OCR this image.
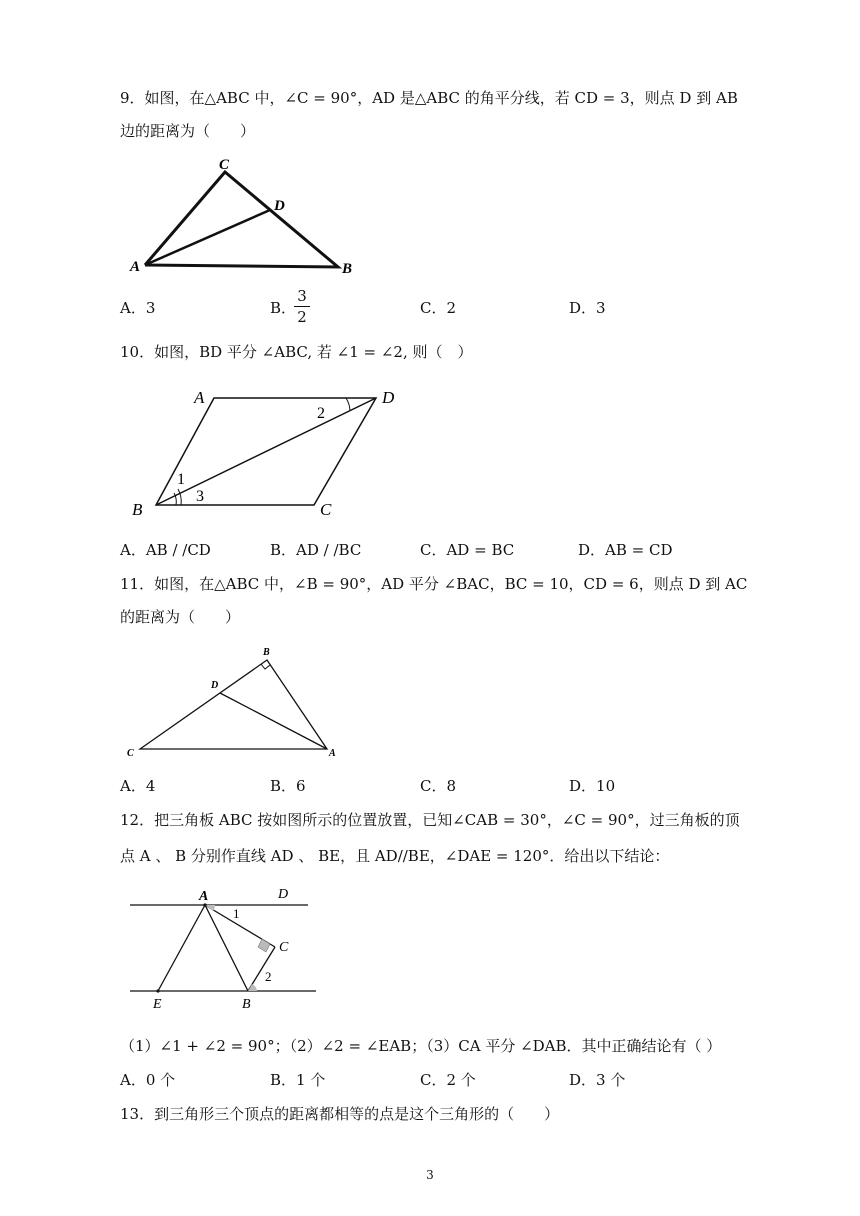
9．如图，在△ABC 中，∠C = 90°，AD 是△ABC 的角平分线，若 CD = 3，则点 D 到 AB
边的距离为（　　）
C
D
A	B
A．3	B．
3
2	C．2	D．3
10．如图，BD 平分 ∠ABC, 若 ∠1 = ∠2, 则（　）
A	D
B	C
1
2
3
A．AB / /CD	B．AD / /BC	C．AD = BC	D．AB = CD
11．如图，在△ABC 中，∠B = 90°，AD 平分 ∠BAC，BC = 10，CD = 6，则点 D 到 AC
的距离为（　　）
B
D
C	A
A．4	B．6	C．8	D．10
12．把三角板 ABC 按如图所示的位置放置，已知∠CAB = 30°，∠C = 90°，过三角板的顶
点 A 、 B 分别作直线 AD 、 BE，且 AD//BE，∠DAE = 120°．给出以下结论：
A	D
1
C
2
E	B
（1）∠1 + ∠2 = 90°；（2）∠2 = ∠EAB；（3）CA 平分 ∠DAB．其中正确结论有（ ）
A．0 个	B．1 个	C．2 个	D．3 个
13．到三角形三个顶点的距离都相等的点是这个三角形的（　　）
3
